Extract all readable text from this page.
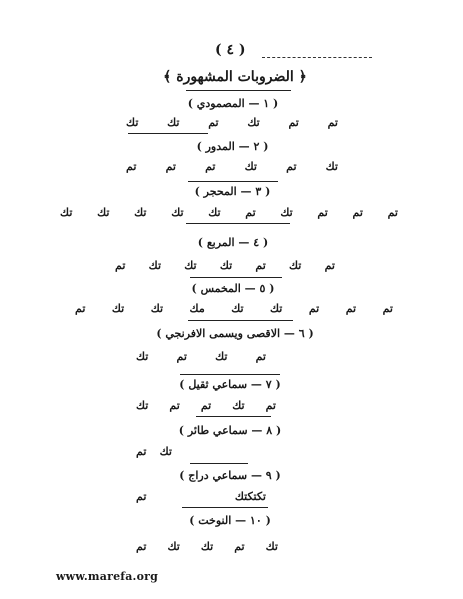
( ٤ )
﴿ الضروبات المشهورة ﴾
( ١ — المصمودي )
تم
تم
تك
تم
تك
تك
( ٢ — المدور )
تك
تم
تك
تم
تم
تم
( ٣ — المحجر )
تم
تم
تم
تك
تم
تك
تك
تك
تك
تك
( ٤ — المربع )
تم
تك
تم
تك
تك
تك
تم
( ٥ — المخمس )
تم
تم
تم
تك
تك
مك
تك
تك
تم
( ٦ — الاقصى ويسمى الافرنجي )
تم
تك
تم
تك
( ٧ — سماعي ثقيل )
تم
تك
تم
تم
تك
( ٨ — سماعي طائر )
تك
تم
( ٩ — سماعي دراج )
تكتكتك
تم
( ١٠ — النوخت )
تك
تم
تك
تك
تم
www.marefa.org
